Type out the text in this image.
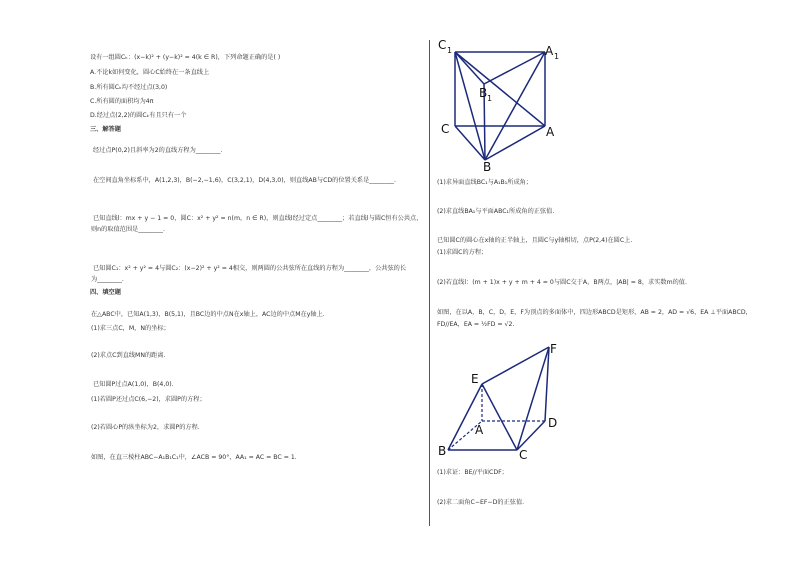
设有一组圆Cₖ：(x−k)² + (y−k)² = 4(k ∈ R)，下列命题正确的是( )
A.不论k如何变化，圆心C始终在一条直线上
B.所有圆Cₖ均不经过点(3,0)
C.所有圆的面积均为4π
D.经过点(2,2)的圆Cₖ有且只有一个
三、解答题
经过点P(0,2)且斜率为2的直线方程为________.
在空间直角坐标系中，A(1,2,3)，B(−2,−1,6)，C(3,2,1)，D(4,3,0)，则直线AB与CD的位置关系是________.
已知直线l：mx + y − 1 = 0，圆C：x² + y² = n(m，n ∈ R)，则直线l经过定点________；若直线l与圆C恒有公共点，
则n的取值范围是________.
已知圆C₁：x² + y² = 4与圆C₂：(x−2)² + y² = 4相交，则两圆的公共弦所在直线的方程为________，公共弦的长
为________.
四、填空题
在△ABC中，已知A(1,3)，B(5,1)，且BC边的中点N在x轴上，AC边的中点M在y轴上.
(1)求三点C，M，N的坐标；
(2)求点C到直线MN的距离.
已知圆P过点A(1,0)，B(4,0).
(1)若圆P还过点C(6,−2)，求圆P的方程；
(2)若圆心P的纵坐标为2，求圆P的方程.
如图，在直三棱柱ABC−A₁B₁C₁中，∠ACB = 90°，AA₁ = AC = BC = 1.
C 1	A 1
B 1
C	A
B
(1)求异面直线BC₁与A₁B₁所成角；
(2)求直线BA₁与平面ABC₁所成角的正弦值.
已知圆C的圆心在x轴的正半轴上，且圆C与y轴相切，点P(2,4)在圆C上.
(1)求圆C的方程；
(2)若直线l：(m + 1)x + y + m + 4 = 0与圆C交于A，B两点，|AB| = 8，求实数m的值.
如图，在以A，B，C，D，E，F为顶点的多面体中，四边形ABCD是矩形，AB = 2，AD = √6，EA ⊥平面ABCD，
FD//EA，EA = ½FD = √2.
F
E
A	D
B	C
(1)求证：BE//平面CDF；
(2)求二面角C−EF−D的正弦值.
